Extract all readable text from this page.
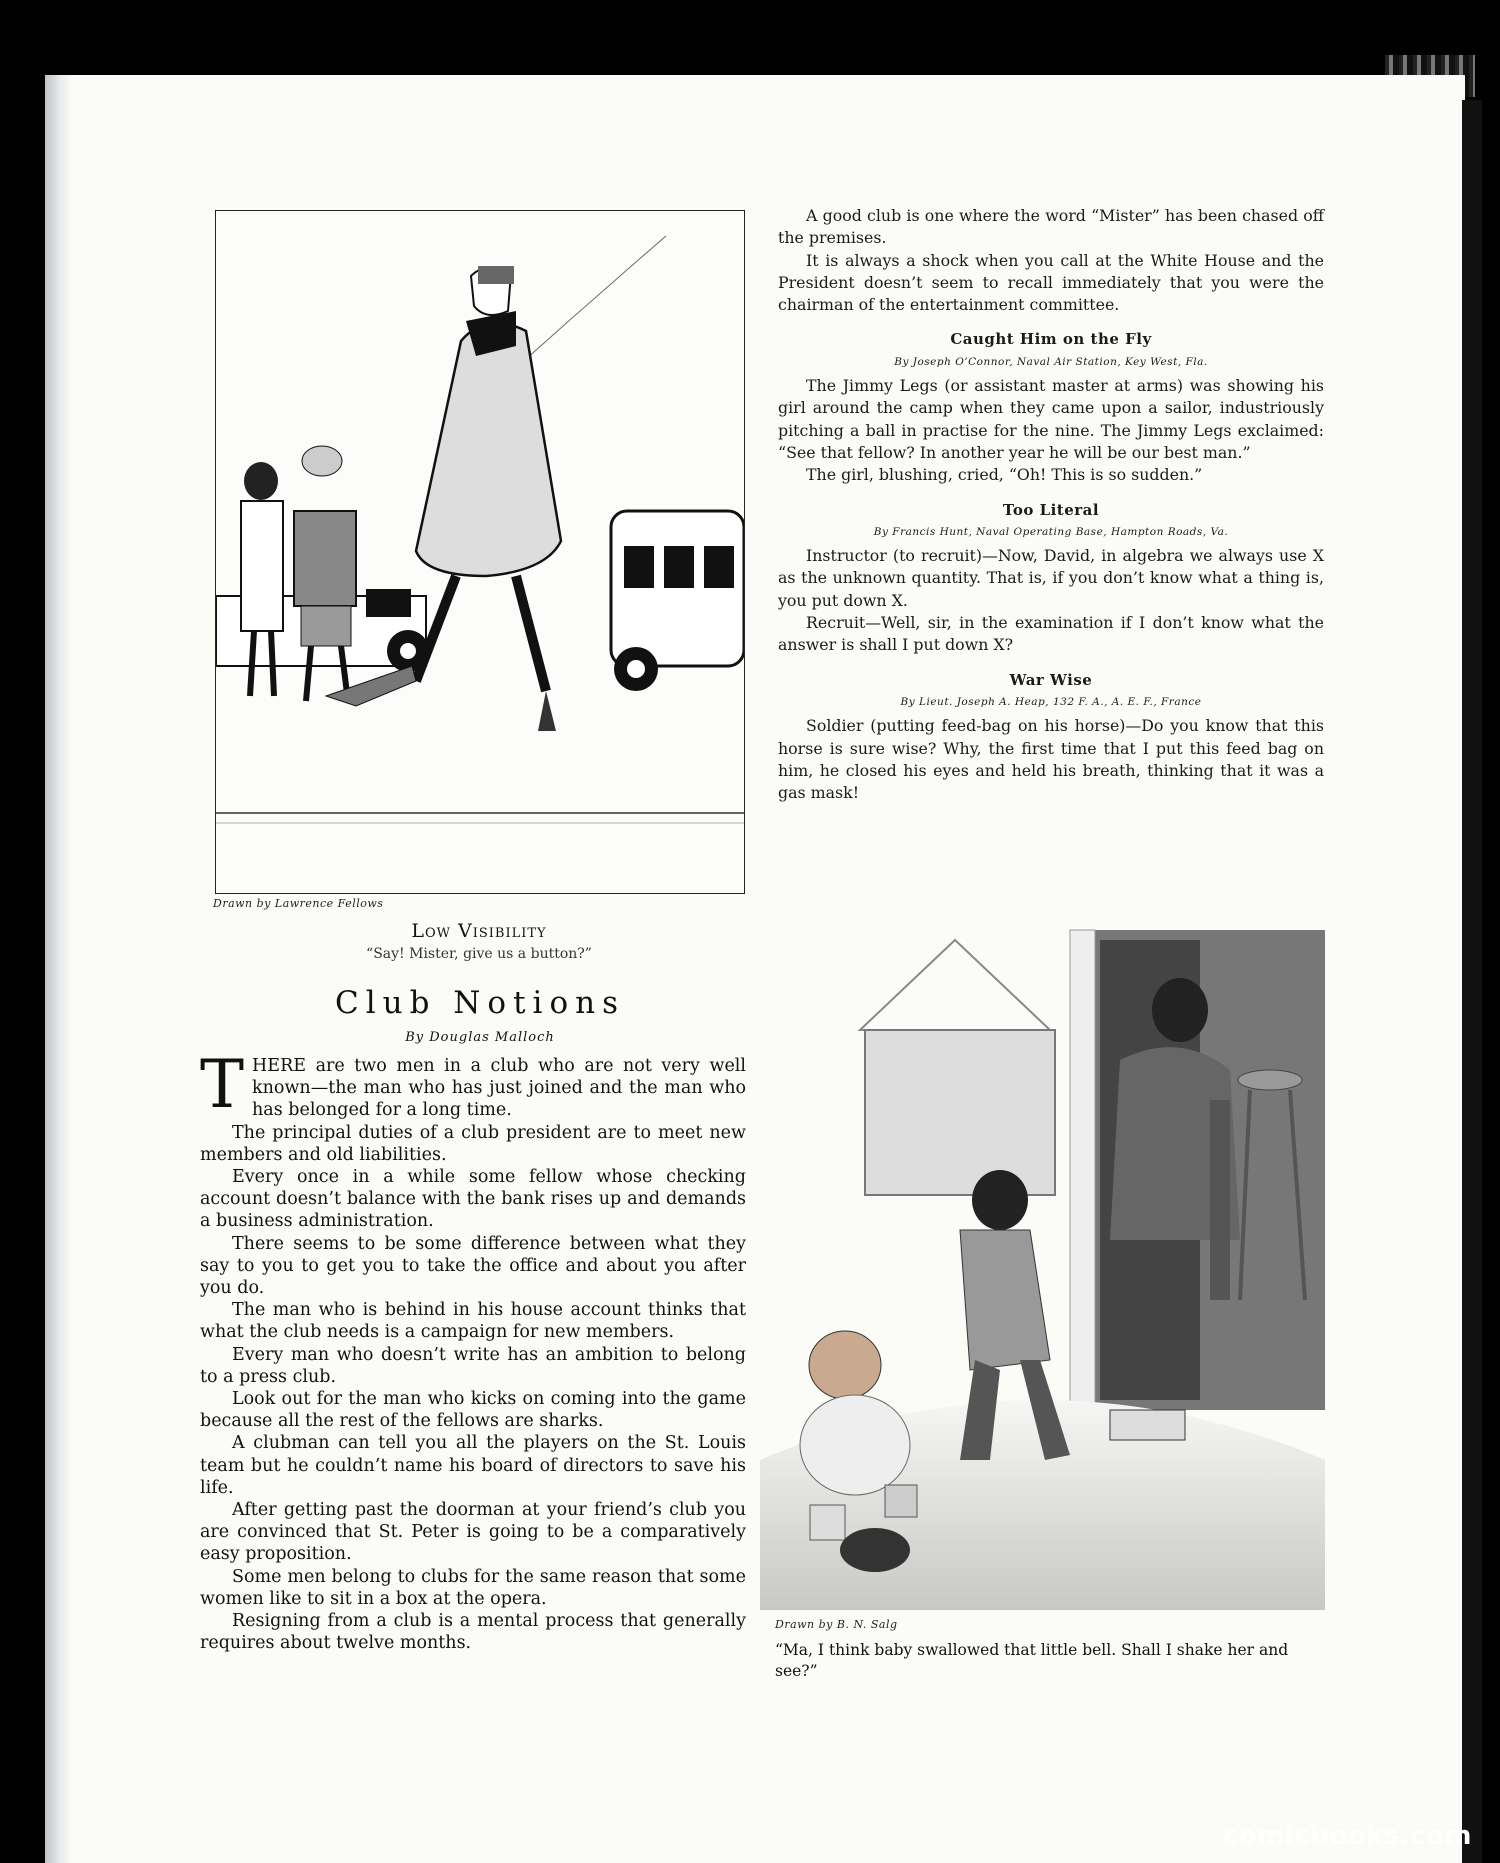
Drawn by Lawrence Fellows
Low Visibility
“Say! Mister, give us a button?”
Club Notions
By Douglas Malloch

THERE are two men in a club who are not very well known—the man who has just joined and the man who has belonged for a long time.

The principal duties of a club president are to meet new members and old liabilities.

Every once in a while some fellow whose checking account doesn’t balance with the bank rises up and demands a business administration.

There seems to be some difference between what they say to you to get you to take the office and about you after you do.

The man who is behind in his house account thinks that what the club needs is a campaign for new members.

Every man who doesn’t write has an ambition to belong to a press club.

Look out for the man who kicks on coming into the game because all the rest of the fellows are sharks.

A clubman can tell you all the players on the St. Louis team but he couldn’t name his board of directors to save his life.

After getting past the doorman at your friend’s club you are convinced that St. Peter is going to be a comparatively easy proposition.

Some men belong to clubs for the same reason that some women like to sit in a box at the opera.

Resigning from a club is a mental process that generally requires about twelve months.

A good club is one where the word “Mister” has been chased off the premises.

It is always a shock when you call at the White House and the President doesn’t seem to recall immediately that you were the chairman of the entertainment committee.

Caught Him on the Fly
By Joseph O’Connor, Naval Air Station, Key West, Fla.

The Jimmy Legs (or assistant master at arms) was showing his girl around the camp when they came upon a sailor, industriously pitching a ball in practise for the nine. The Jimmy Legs exclaimed: “See that fellow? In another year he will be our best man.”

The girl, blushing, cried, “Oh! This is so sudden.”

Too Literal
By Francis Hunt, Naval Operating Base, Hampton Roads, Va.

Instructor (to recruit)—Now, David, in algebra we always use X as the unknown quantity. That is, if you don’t know what a thing is, you put down X.

Recruit—Well, sir, in the examination if I don’t know what the answer is shall I put down X?

War Wise
By Lieut. Joseph A. Heap, 132 F. A., A. E. F., France

Soldier (putting feed-bag on his horse)—Do you know that this horse is sure wise? Why, the first time that I put this feed bag on him, he closed his eyes and held his breath, thinking that it was a gas mask!

Drawn by B. N. Salg
“Ma, I think baby swallowed that little bell. Shall I shake her and see?”
comicbooks.com
